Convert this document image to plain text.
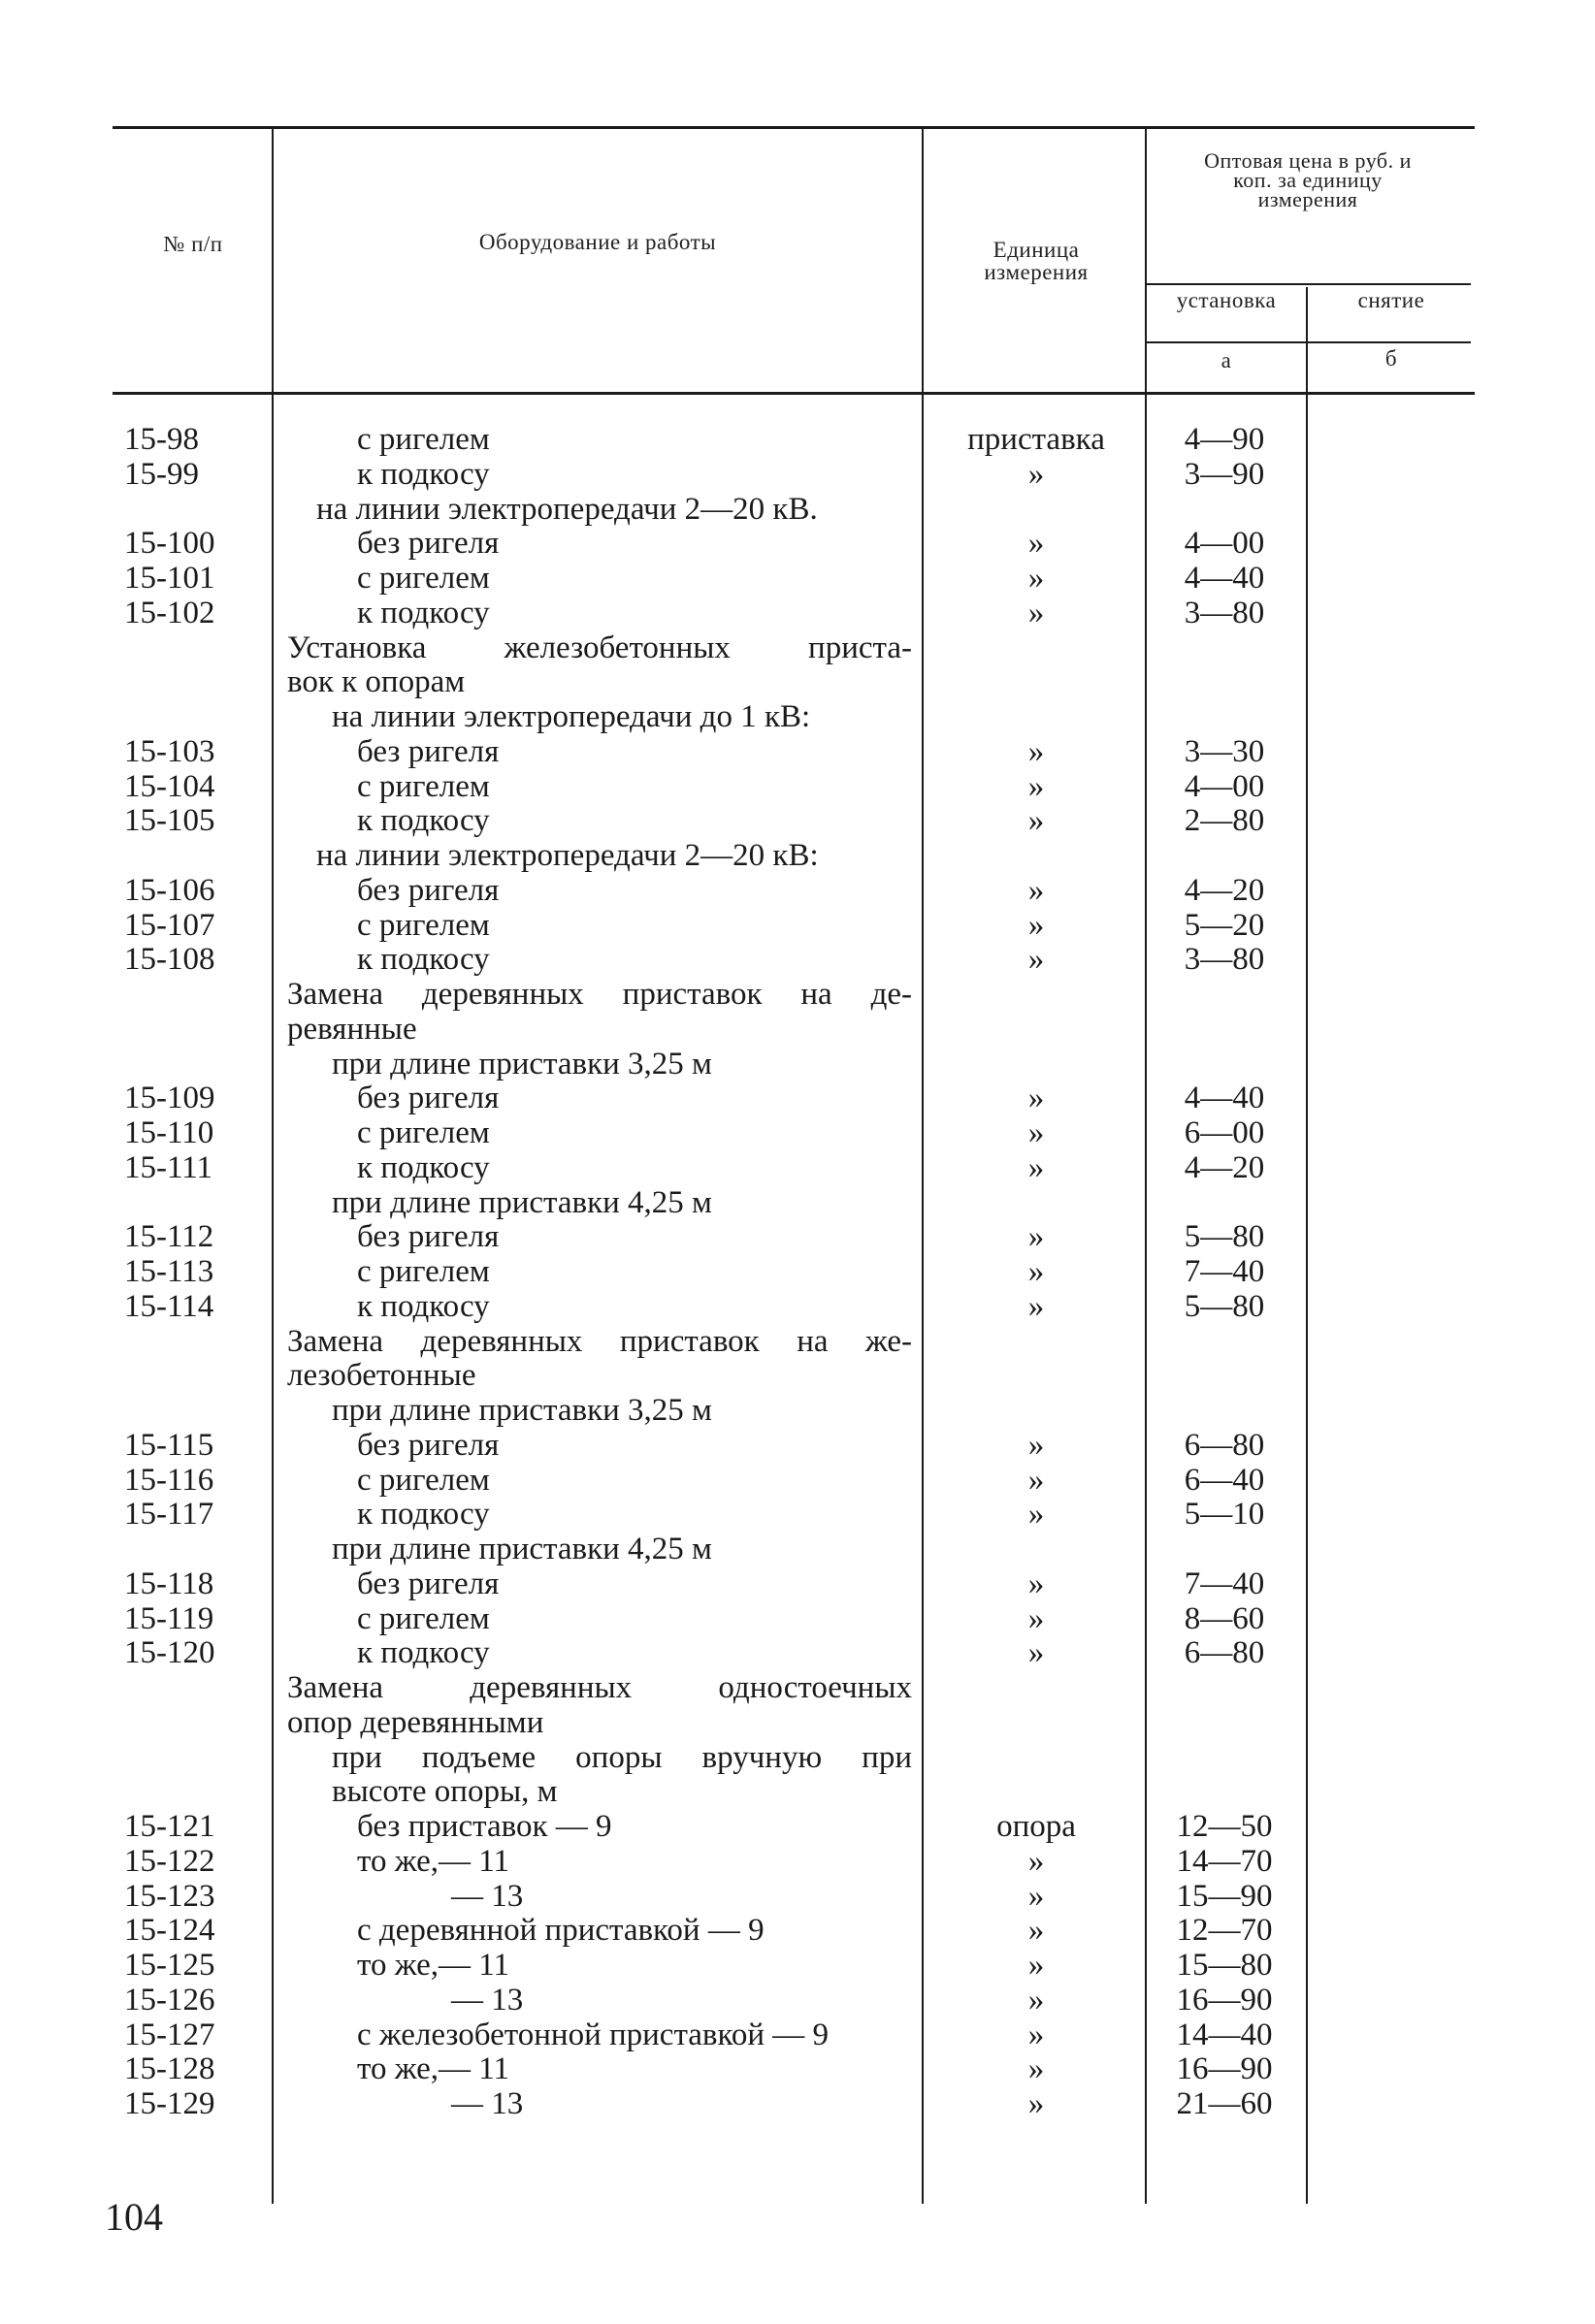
№ п/п	Оборудование и работы	Единица измерения
Оптовая цена в руб. и коп. за единицу измерения
установка	снятие
а	б
15-98	с ригелем	приставка	4—90
15-99	к подкосу	»	3—90
на линии электропередачи 2—20 кВ.
15-100	без ригеля	»	4—00
15-101	с ригелем	»	4—40
15-102	к подкосу	»	3—80
Установка железобетонных приста-
вок к опорам
на линии электропередачи до 1 кВ:
15-103	без ригеля	»	3—30
15-104	с ригелем	»	4—00
15-105	к подкосу	»	2—80
на линии электропередачи 2—20 кВ:
15-106	без ригеля	»	4—20
15-107	с ригелем	»	5—20
15-108	к подкосу	»	3—80
Замена деревянных приставок на де-
ревянные
при длине приставки 3,25 м
15-109	без ригеля	»	4—40
15-110	с ригелем	»	6—00
15-111	к подкосу	»	4—20
при длине приставки 4,25 м
15-112	без ригеля	»	5—80
15-113	с ригелем	»	7—40
15-114	к подкосу	»	5—80
Замена деревянных приставок на же-
лезобетонные
при длине приставки 3,25 м
15-115	без ригеля	»	6—80
15-116	с ригелем	»	6—40
15-117	к подкосу	»	5—10
при длине приставки 4,25 м
15-118	без ригеля	»	7—40
15-119	с ригелем	»	8—60
15-120	к подкосу	»	6—80
Замена деревянных одностоечных
опор деревянными
при подъеме опоры вручную при
высоте опоры, м
15-121	без приставок — 9	опора	12—50
15-122	то же,— 11	»	14—70
15-123	— 13	»	15—90
15-124	с деревянной приставкой — 9	»	12—70
15-125	то же,— 11	»	15—80
15-126	— 13	»	16—90
15-127	с железобетонной приставкой — 9	»	14—40
15-128	то же,— 11	»	16—90
15-129	— 13	»	21—60
104
